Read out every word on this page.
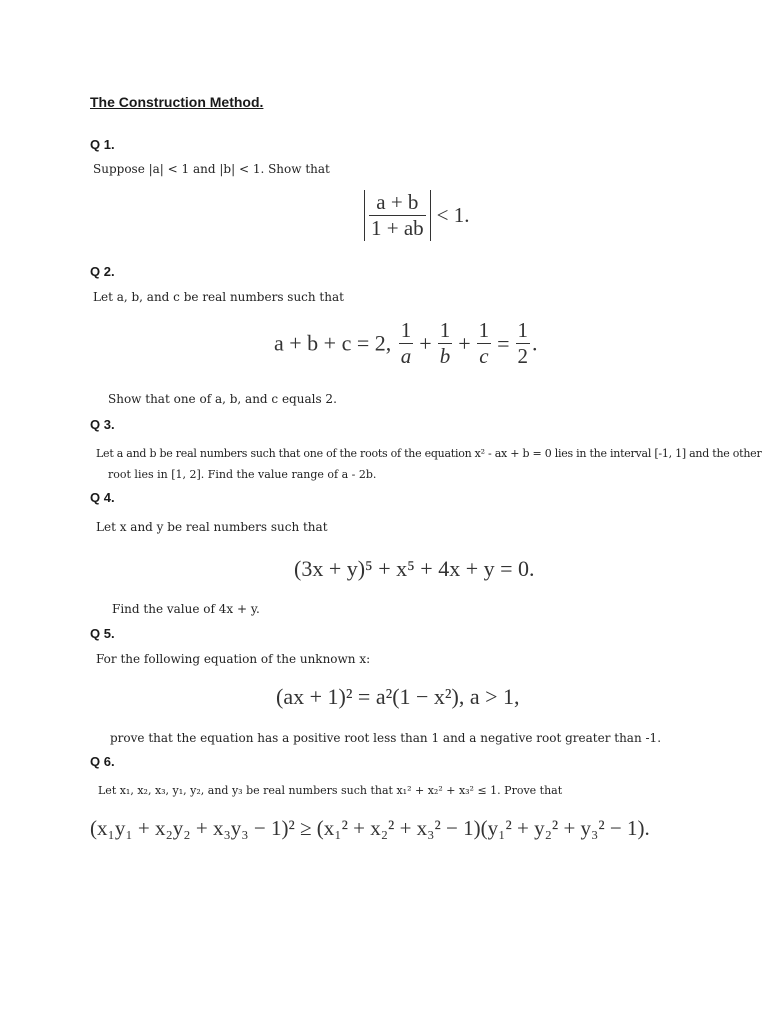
The Construction Method.
Q 1.
Suppose |a| < 1 and |b| < 1. Show that
$\frac{a + b}{1 + ab} < 1$.
Q 2.
Let a, b, and c be real numbers such that
a + b + c = 2, $\frac{1}{a} + \frac{1}{b} + \frac{1}{c} = \frac{1}{2}$ .
Show that one of a, b, and c equals 2.
Q 3.
Let a and b be real numbers such that one of the roots of the equation x² - ax + b = 0 lies in the interval [-1, 1] and the other
root lies in [1, 2]. Find the value range of a - 2b.
Q 4.
Let x and y be real numbers such that
(3x + y)⁵ + x⁵ + 4x + y = 0.
Find the value of 4x + y.
Q 5.
For the following equation of the unknown x:
(ax + 1)² = a²(1 − x²), a > 1,
prove that the equation has a positive root less than 1 and a negative root greater than -1.
Q 6.
Let x₁, x₂, x₃, y₁, y₂, and y₃ be real numbers such that x₁² + x₂² + x₃² ≤ 1. Prove that
(x₁y₁ + x₂y₂ + x₃y₃ − 1)² ≥ (x₁² + x₂² + x₃² − 1)(y₁² + y₂² + y₃² − 1).
